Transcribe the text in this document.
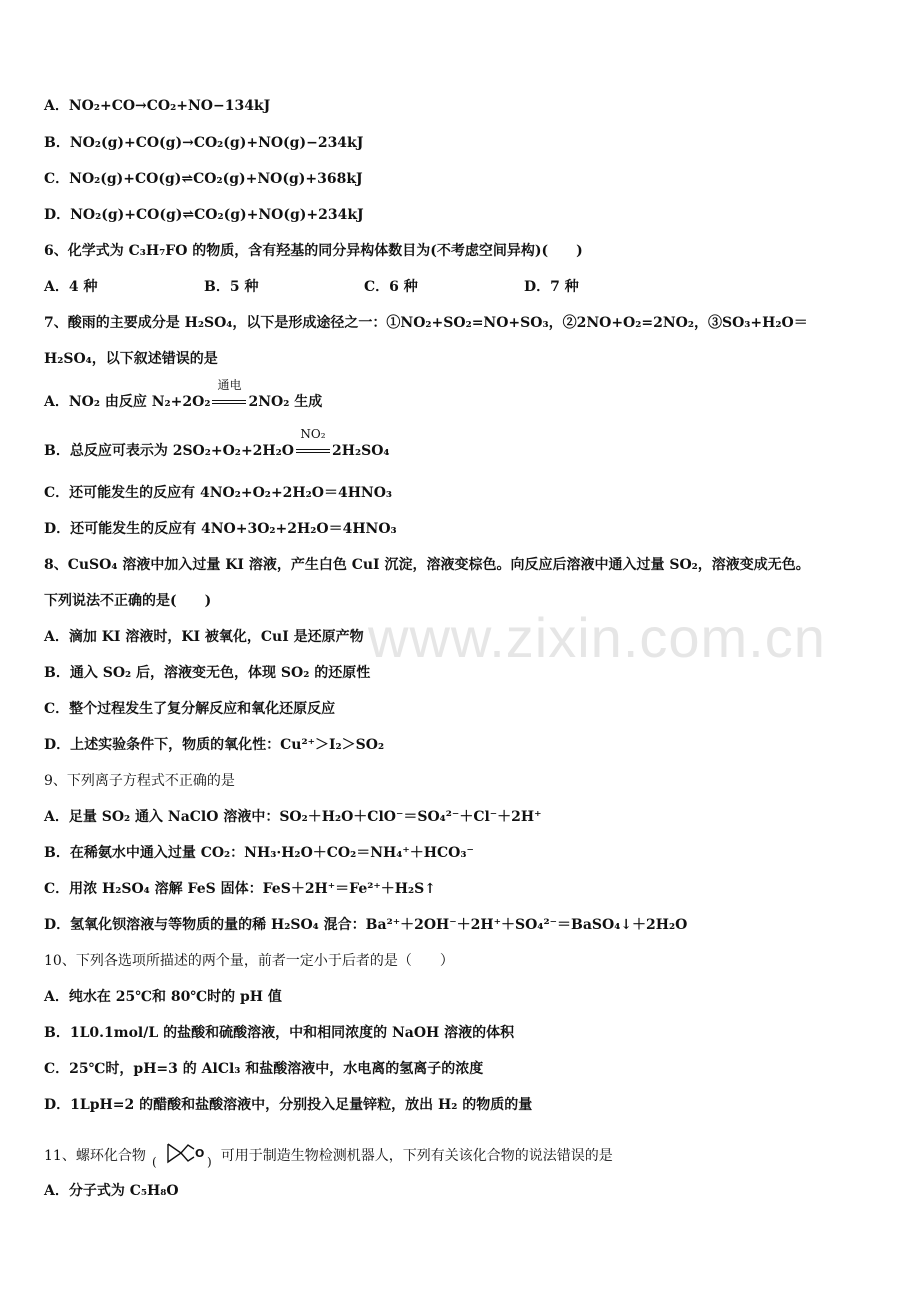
www.zixin.com.cn
A．NO₂+CO→CO₂+NO−134kJ
B．NO₂(g)+CO(g)→CO₂(g)+NO(g)−234kJ
C．NO₂(g)+CO(g)⇌CO₂(g)+NO(g)+368kJ
D．NO₂(g)+CO(g)⇌CO₂(g)+NO(g)+234kJ
6、化学式为 C₃H₇FO 的物质，含有羟基的同分异构体数目为(不考虑空间异构)(　　)
A．4 种	B．5 种	C．6 种	D．7 种
7、酸雨的主要成分是 H₂SO₄，以下是形成途径之一：①NO₂+SO₂=NO+SO₃，②2NO+O₂=2NO₂，③SO₃+H₂O＝
H₂SO₄，以下叙述错误的是
A．NO₂ 由反应 N₂+2O₂
通电
2NO₂ 生成
B．总反应可表示为 2SO₂+O₂+2H₂O
NO₂
2H₂SO₄
C．还可能发生的反应有 4NO₂+O₂+2H₂O＝4HNO₃
D．还可能发生的反应有 4NO+3O₂+2H₂O＝4HNO₃
8、CuSO₄ 溶液中加入过量 KI 溶液，产生白色 CuI 沉淀，溶液变棕色。向反应后溶液中通入过量 SO₂，溶液变成无色。
下列说法不正确的是(　　)
A．滴加 KI 溶液时，KI 被氧化，CuI 是还原产物
B．通入 SO₂ 后，溶液变无色，体现 SO₂ 的还原性
C．整个过程发生了复分解反应和氧化还原反应
D．上述实验条件下，物质的氧化性：Cu²⁺＞I₂＞SO₂
9、下列离子方程式不正确的是
A．足量 SO₂ 通入 NaClO 溶液中：SO₂＋H₂O＋ClO⁻＝SO₄²⁻＋Cl⁻＋2H⁺
B．在稀氨水中通入过量 CO₂：NH₃·H₂O＋CO₂＝NH₄⁺＋HCO₃⁻
C．用浓 H₂SO₄ 溶解 FeS 固体：FeS＋2H⁺＝Fe²⁺＋H₂S↑
D．氢氧化钡溶液与等物质的量的稀 H₂SO₄ 混合：Ba²⁺＋2OH⁻＋2H⁺＋SO₄²⁻＝BaSO₄↓＋2H₂O
10、下列各选项所描述的两个量，前者一定小于后者的是（　　）
A．纯水在 25℃和 80℃时的 pH 值
B．1L0.1mol/L 的盐酸和硫酸溶液，中和相同浓度的 NaOH 溶液的体积
C．25℃时，pH=3 的 AlCl₃ 和盐酸溶液中，水电离的氢离子的浓度
D．1LpH=2 的醋酸和盐酸溶液中，分别投入足量锌粒，放出 H₂ 的物质的量
11、螺环化合物 (
O
) 可用于制造生物检测机器人，下列有关该化合物的说法错误的是
A．分子式为 C₅H₈O
